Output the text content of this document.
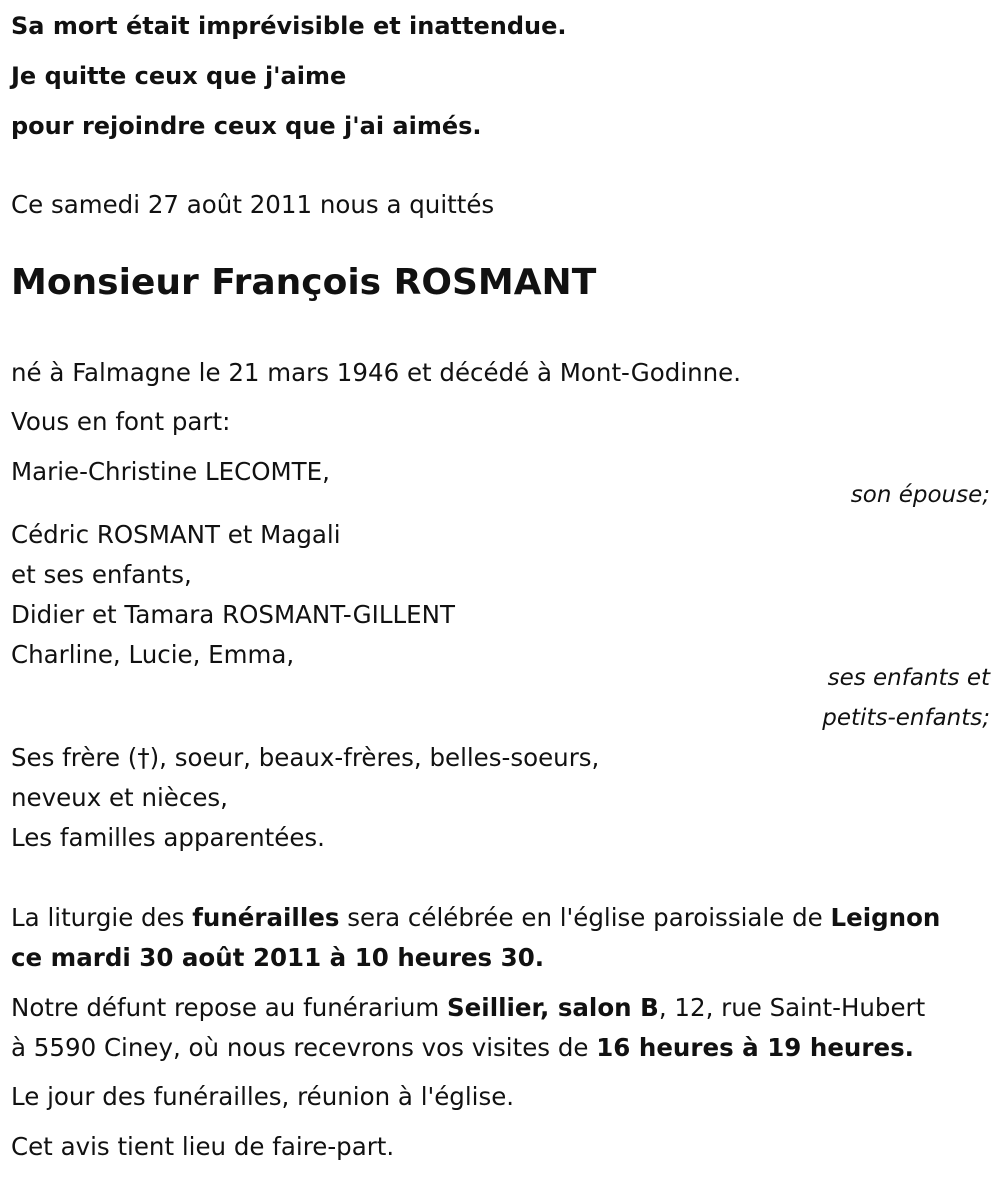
Sa mort était imprévisible et inattendue.
Je quitte ceux que j'aime
pour rejoindre ceux que j'ai aimés.
Ce samedi 27 août 2011 nous a quittés
Monsieur François ROSMANT
né à Falmagne le 21 mars 1946 et décédé à Mont-Godinne.
Vous en font part:
Marie-Christine LECOMTE,
son épouse;
Cédric ROSMANT et Magali
et ses enfants,
Didier et Tamara ROSMANT-GILLENT
Charline, Lucie, Emma,
ses enfants et
petits-enfants;
Ses frère (†), soeur, beaux-frères, belles-soeurs,
neveux et nièces,
Les familles apparentées.
La liturgie des funérailles sera célébrée en l'église paroissiale de Leignon
ce mardi 30 août 2011 à 10 heures 30.
Notre défunt repose au funérarium Seillier, salon B, 12, rue Saint-Hubert
à 5590 Ciney, où nous recevrons vos visites de 16 heures à 19 heures.
Le jour des funérailles, réunion à l'église.
Cet avis tient lieu de faire-part.
